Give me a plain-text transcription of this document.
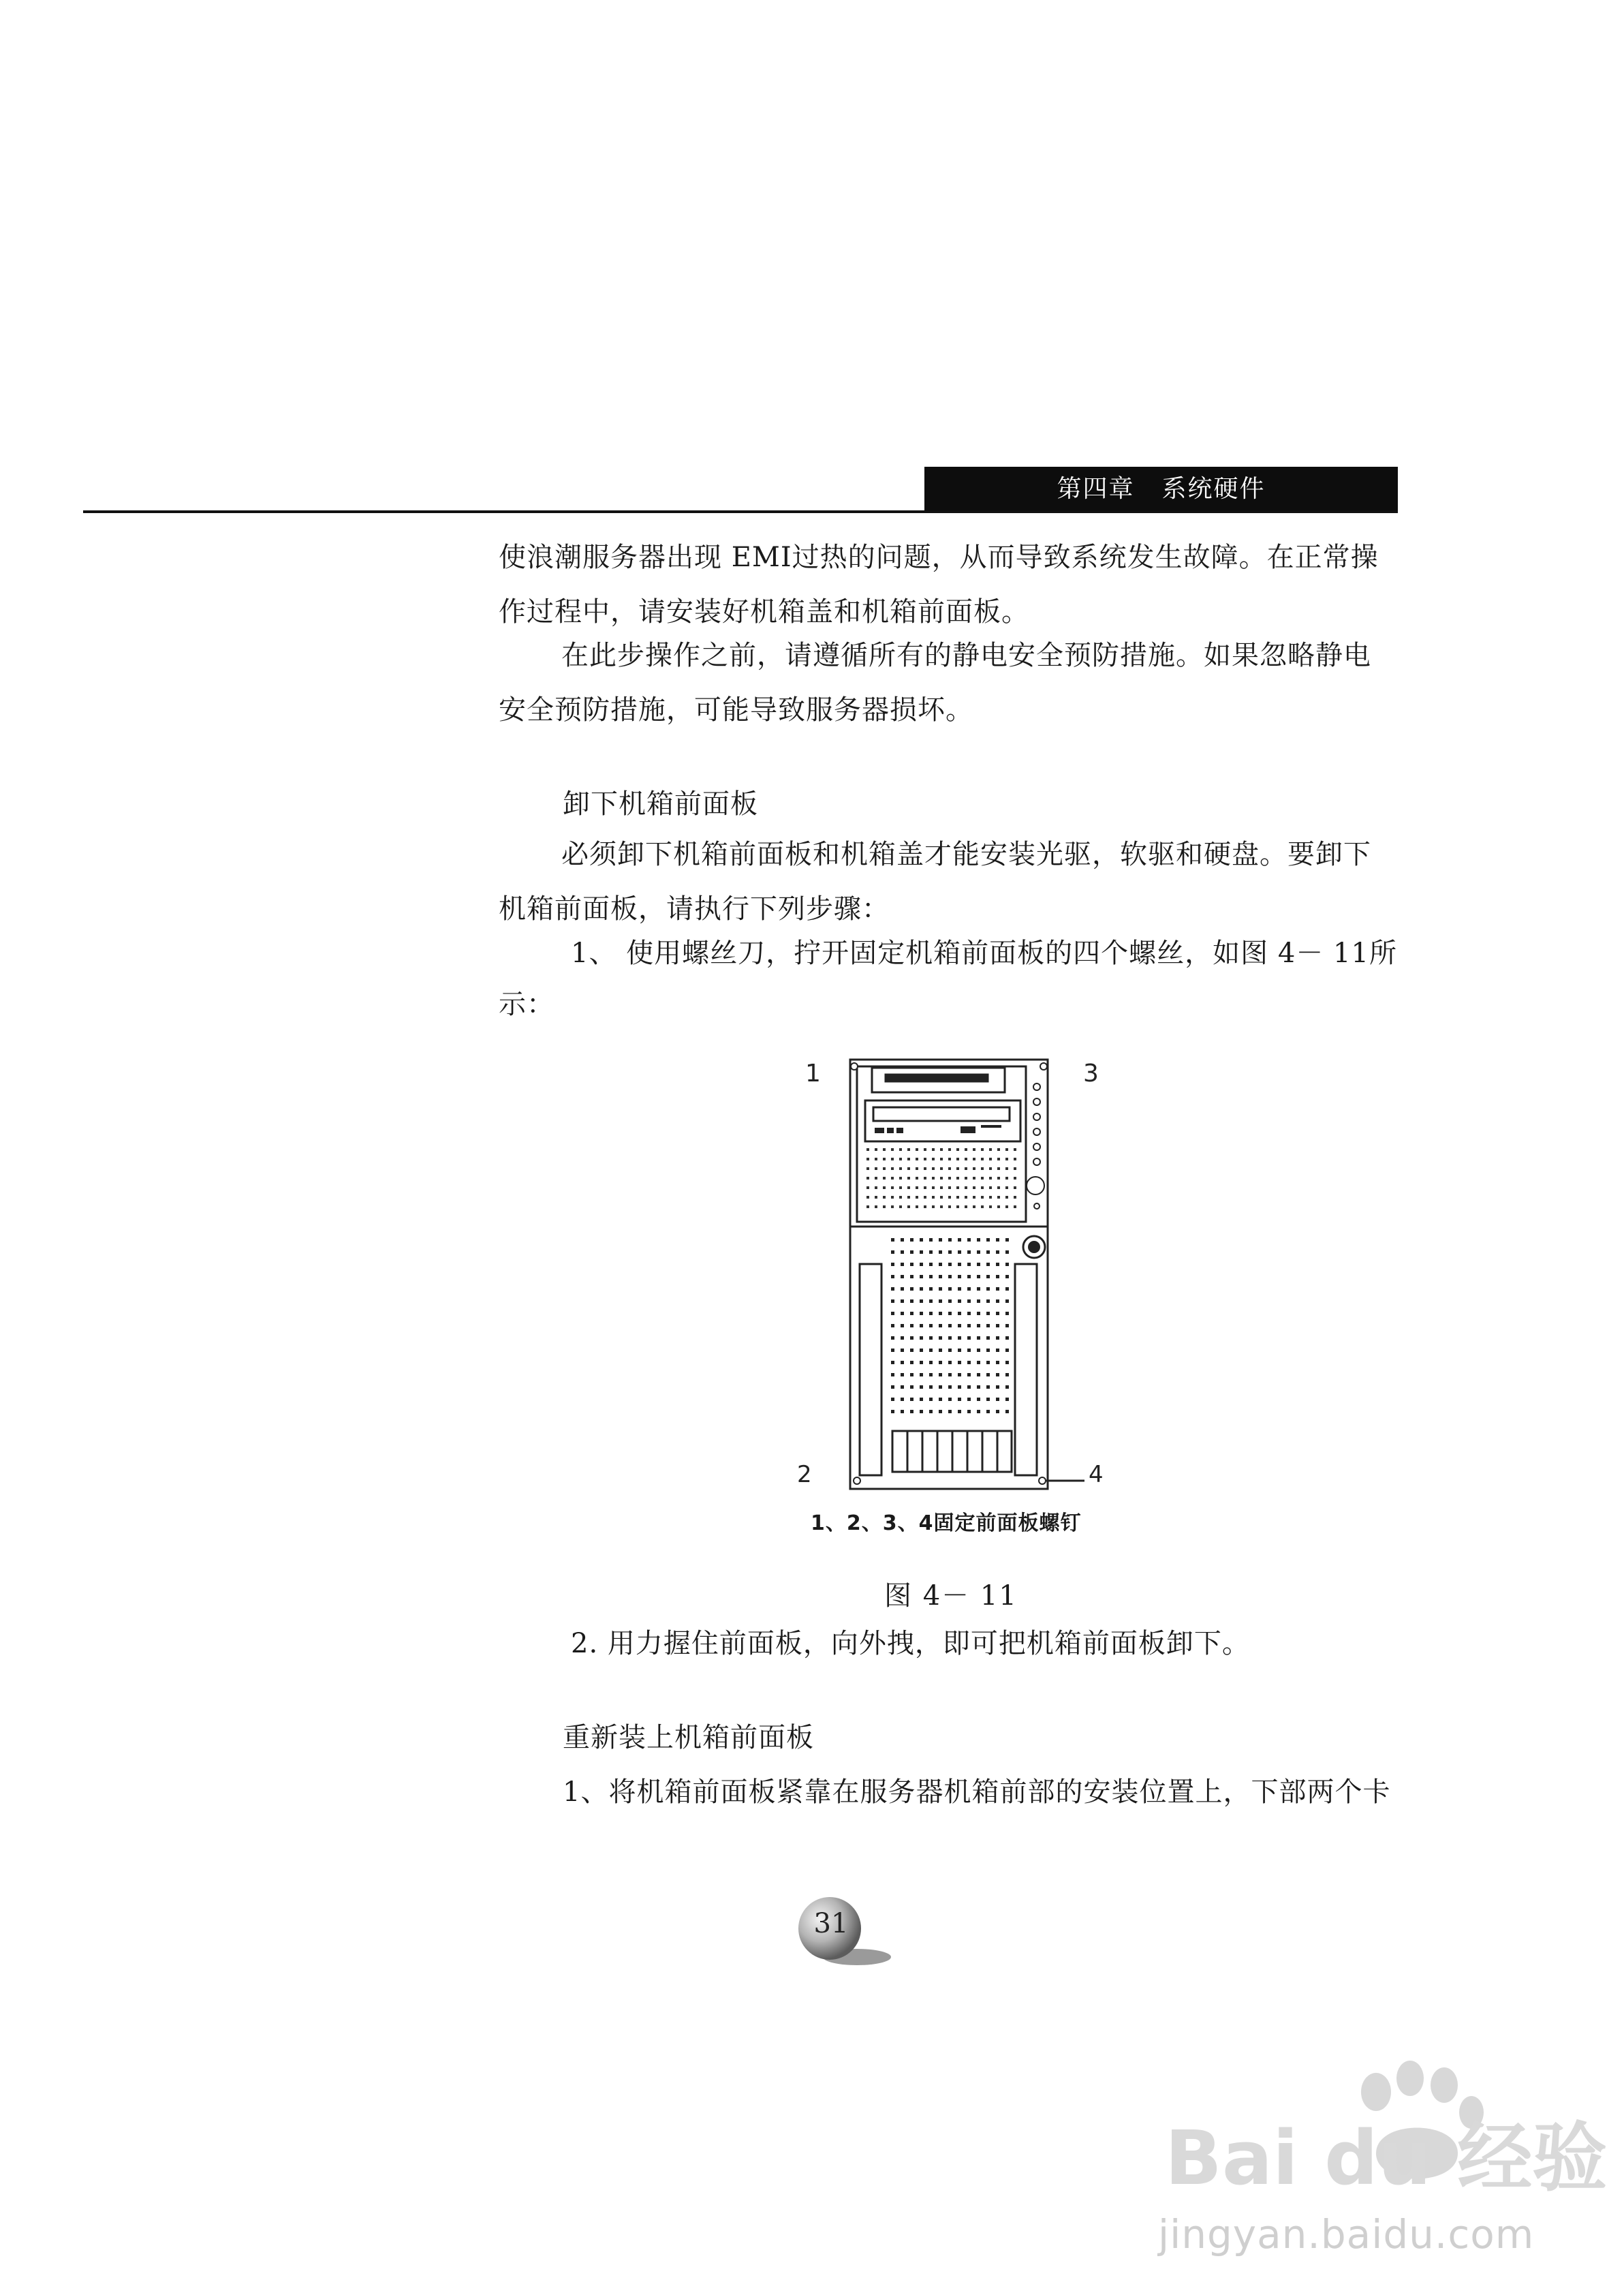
第四章 系统硬件
使浪潮服务器出现 EMI过热的问题，从而导致系统发生故障。在正常操
作过程中，请安装好机箱盖和机箱前面板。
在此步操作之前，请遵循所有的静电安全预防措施。如果忽略静电
安全预防措施，可能导致服务器损坏。
卸下机箱前面板
必须卸下机箱前面板和机箱盖才能安装光驱，软驱和硬盘。要卸下
机箱前面板，请执行下列步骤：
1、 使用螺丝刀，拧开固定机箱前面板的四个螺丝，如图 4－ 11所
示：
1	3
2	4
1、2、3、4固定前面板螺钉
图 4－ 11
2. 用力握住前面板，向外拽，即可把机箱前面板卸下。
重新装上机箱前面板
1、将机箱前面板紧靠在服务器机箱前部的安装位置上，下部两个卡
31
Bai du 经验
jingyan.baidu.com
